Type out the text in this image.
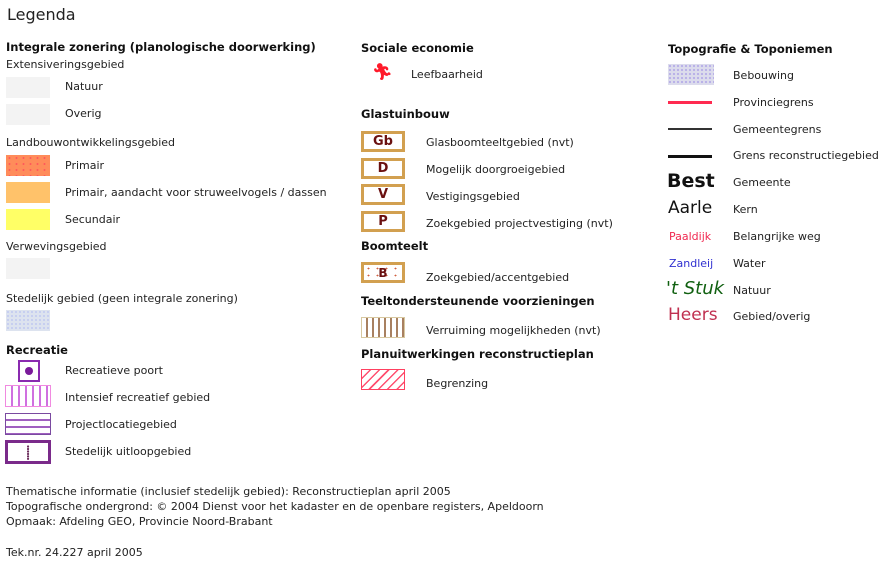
Legenda
Integrale zonering (planologische doorwerking)
Extensiveringsgebied
Natuur
Overig
Landbouwontwikkelingsgebied
Primair
Primair, aandacht voor struweelvogels / dassen
Secundair
Verwevingsgebied
Stedelijk gebied (geen integrale zonering)
Recreatie
Recreatieve poort
Intensief recreatief gebied
Projectlocatiegebied
⸽	Stedelijk uitloopgebied
Sociale economie
🏃︎ Leefbaarheid
Glastuinbouw
Gb	Glasboomteeltgebied (nvt)
D	Mogelijk doorgroeigebied
V	Vestigingsgebied
P	Zoekgebied projectvestiging (nvt)
Boomteelt
B	Zoekgebied/accentgebied
Teeltondersteunende voorzieningen
Verruiming mogelijkheden (nvt)
Planuitwerkingen reconstructieplan
Begrenzing
Topografie & Toponiemen
Bebouwing
Provinciegrens
Gemeentegrens
Grens reconstructiegebied
Best Gemeente
Aarle Kern
Paaldijk Belangrijke weg
Zandleij Water
't Stuk Natuur
Heers Gebied/overig
Thematische informatie (inclusief stedelijk gebied): Reconstructieplan april 2005
Topografische ondergrond: © 2004 Dienst voor het kadaster en de openbare registers, Apeldoorn
Opmaak: Afdeling GEO, Provincie Noord-Brabant
Tek.nr. 24.227 april 2005
